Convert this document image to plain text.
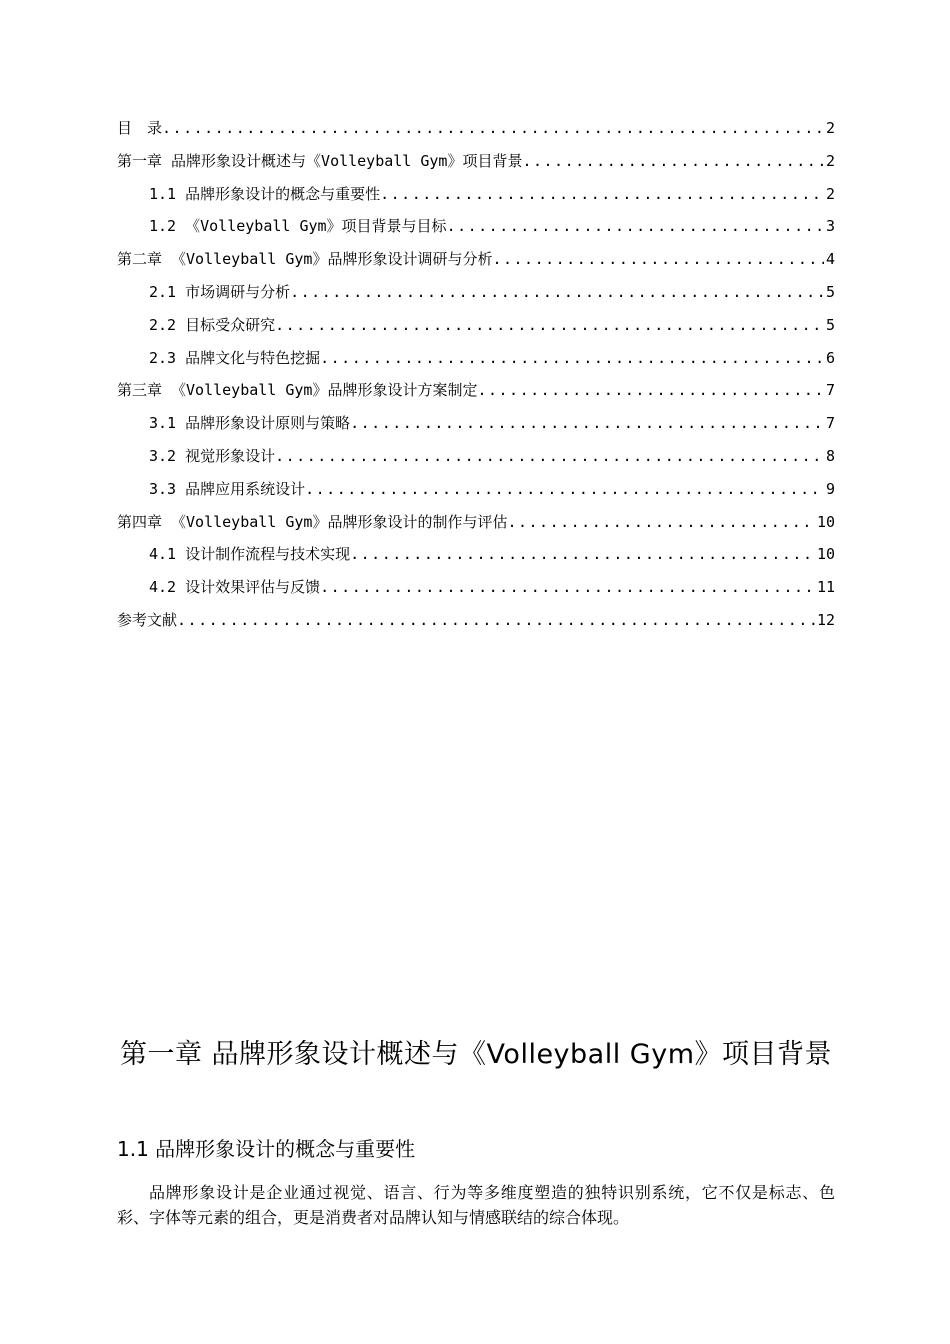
目　录 .....	2
第一章 品牌形象设计概述与《Volleyball Gym》项目背景 .....	2
1.1 品牌形象设计的概念与重要性 .....	2
1.2 《Volleyball Gym》项目背景与目标 .....	3
第二章 《Volleyball Gym》品牌形象设计调研与分析 .....	4
2.1 市场调研与分析 .....	5
2.2 目标受众研究 .....	5
2.3 品牌文化与特色挖掘 .....	6
第三章 《Volleyball Gym》品牌形象设计方案制定 .....	7
3.1 品牌形象设计原则与策略 .....	7
3.2 视觉形象设计 .....	8
3.3 品牌应用系统设计 .....	9
第四章 《Volleyball Gym》品牌形象设计的制作与评估 .....	10
4.1 设计制作流程与技术实现 .....	10
4.2 设计效果评估与反馈 .....	11
参考文献 .....	12
第一章 品牌形象设计概述与《Volleyball Gym》项目背景
1.1 品牌形象设计的概念与重要性
品牌形象设计是企业通过视觉、语言、行为等多维度塑造的独特识别系统，它不仅是标志、色彩、字体等元素的组合，更是消费者对品牌认知与情感联结的综合体现。
